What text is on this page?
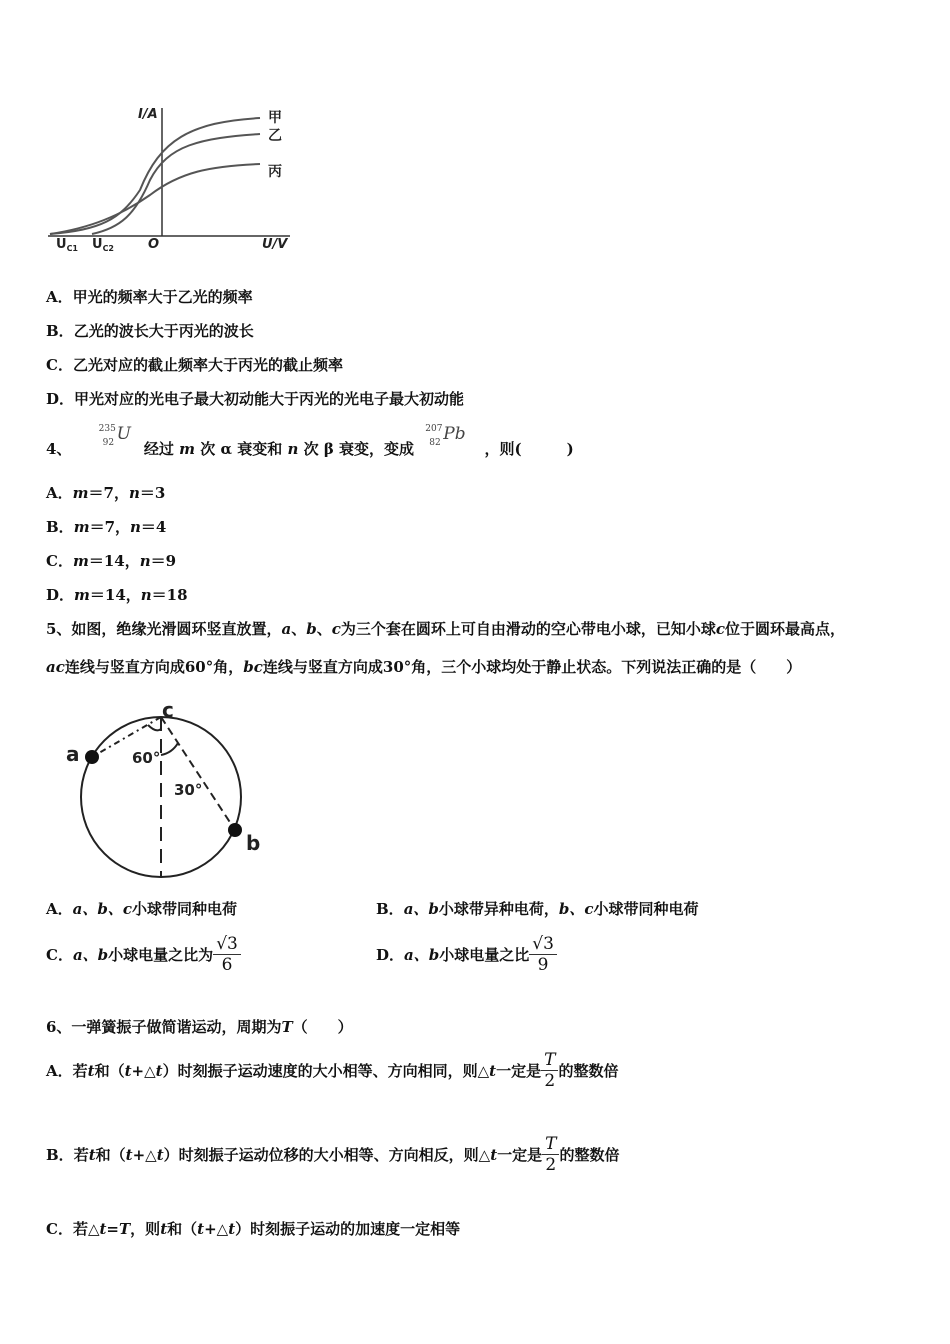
I/A
U/V
甲
乙
丙
$U_{C1}$ $U_{C2}$	O
A．甲光的频率大于乙光的频率
B．乙光的波长大于丙光的波长
C．乙光对应的截止频率大于丙光的截止频率
D．甲光对应的光电子最大初动能大于丙光的光电子最大初动能
4、
235
92 U
经过 m 次 α 衰变和 n 次 β 衰变，变成
207
82 Pb
，则(　　　)
A．m＝7，n＝3
B．m＝7，n＝4
C．m＝14，n＝9
D．m＝14，n＝18
5、如图，绝缘光滑圆环竖直放置，a、b、c为三个套在圆环上可自由滑动的空心带电小球，已知小球c位于圆环最高点，
ac连线与竖直方向成60°角，bc连线与竖直方向成30°角，三个小球均处于静止状态。下列说法正确的是（　　）
a
b
c
60°
30°
A．a、b、c小球带同种电荷	B．a、b小球带异种电荷，b、c小球带同种电荷
C．a、b小球电量之比为 $\frac{√3}{6}$	D．a、b小球电量之比 $\frac{√3}{9}$
6、一弹簧振子做简谐运动，周期为T（　　）
A．若t和（t+△t）时刻振子运动速度的大小相等、方向相同，则△t一定是 $\frac{T}{2}$ 的整数倍
B．若t和（t+△t）时刻振子运动位移的大小相等、方向相反，则△t一定是 $\frac{T}{2}$ 的整数倍
C．若△t=T，则t和（t+△t）时刻振子运动的加速度一定相等
